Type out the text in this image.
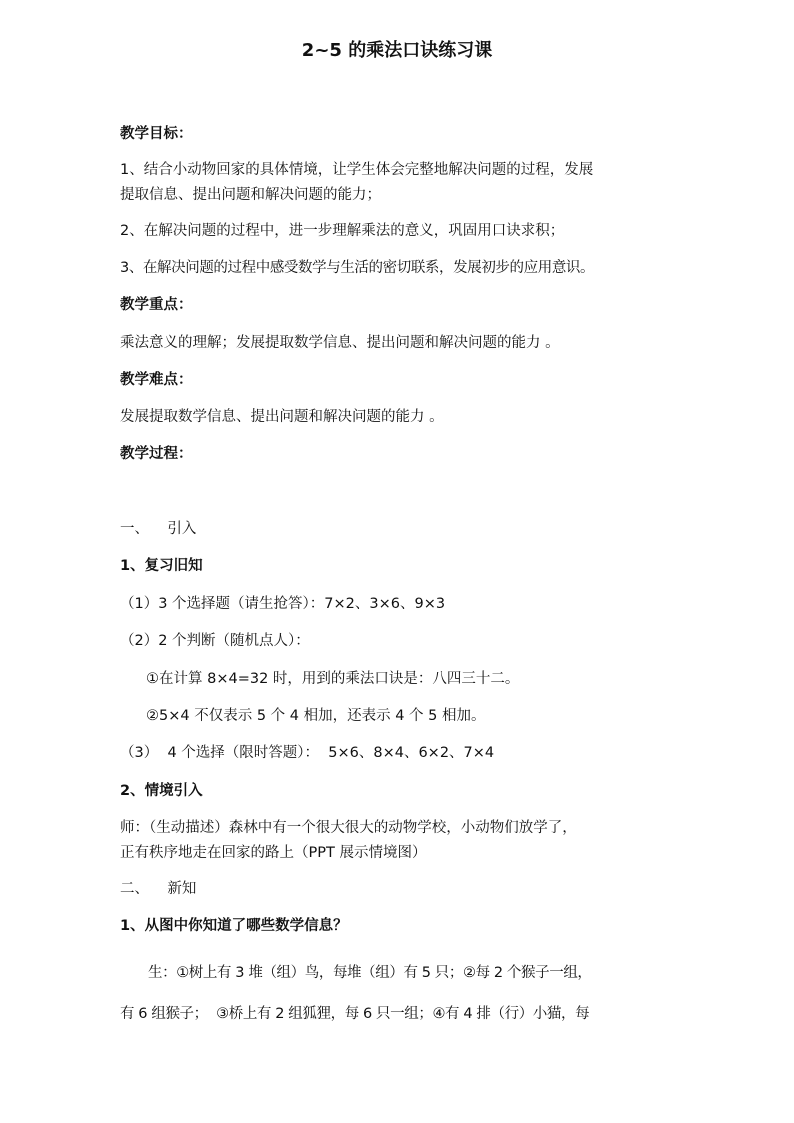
2~5 的乘法口诀练习课
教学目标：
1、结合小动物回家的具体情境，让学生体会完整地解决问题的过程，发展
提取信息、提出问题和解决问题的能力；
2、在解决问题的过程中，进一步理解乘法的意义，巩固用口诀求积；
3、在解决问题的过程中感受数学与生活的密切联系，发展初步的应用意识。
教学重点：
乘法意义的理解；发展提取数学信息、提出问题和解决问题的能力 。
教学难点：
发展提取数学信息、提出问题和解决问题的能力 。
教学过程：
一、    引入
1、复习旧知
（1）3 个选择题（请生抢答）：7×2、3×6、9×3
（2）2 个判断（随机点人）：
①在计算 8×4=32 时，用到的乘法口诀是：八四三十二。
②5×4 不仅表示 5 个 4 相加，还表示 4 个 5 相加。
（3）  4 个选择（限时答题）：  5×6、8×4、6×2、7×4
2、情境引入
师：（生动描述）森林中有一个很大很大的动物学校，小动物们放学了，
正有秩序地走在回家的路上（PPT 展示情境图）
二、    新知
1、从图中你知道了哪些数学信息？
生：①树上有 3 堆（组）鸟，每堆（组）有 5 只；②每 2 个猴子一组，
有 6 组猴子；  ③桥上有 2 组狐狸，每 6 只一组；④有 4 排（行）小猫，每
